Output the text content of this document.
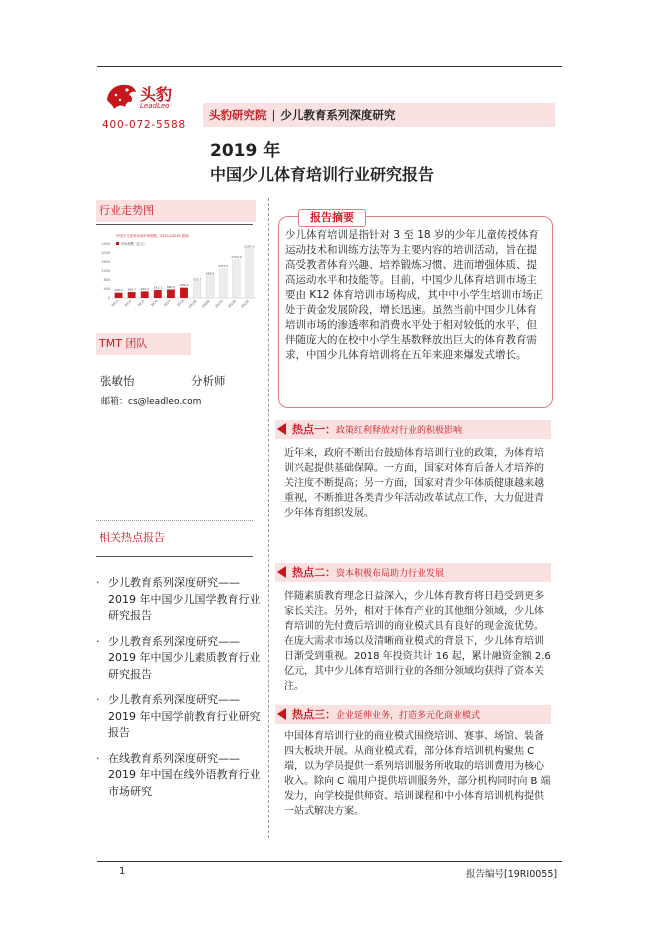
头豹
LeadLeo
400-072-5588
头豹研究院 | 少儿教育系列深度研究
2019 年
中国少儿体育培训行业研究报告
行业走势图
中国少儿体育培训市场规模，2013-2023E 预测
市场规模（亿元）
2400
2000
1600
1200
800
400
0
235.2
2013
264.7
2014
294.2
2015
353.1
2016
380.5
2017
459.4
2018
720.7
2019E
986.6
2020E
1313.1
2021E
1704.2
2022E
2187.5
2023E
TMT 团队
张敏怡	分析师
邮箱：cs@leadleo.com
相关热点报告
· 少儿教育系列深度研究——2019 年中国少儿国学教育行业研究报告
· 少儿教育系列深度研究——2019 年中国少儿素质教育行业研究报告
· 少儿教育系列深度研究——2019 年中国学前教育行业研究报告
· 在线教育系列深度研究——2019 年中国在线外语教育行业市场研究
报告摘要
少儿体育培训是指针对 3 至 18 岁的少年儿童传授体育运动技术和训练方法等为主要内容的培训活动，旨在提高受教者体育兴趣、培养锻炼习惯、进而增强体质、提高运动水平和技能等。目前，中国少儿体育培训市场主要由 K12 体育培训市场构成，其中中小学生培训市场正处于黄金发展阶段，增长迅速。虽然当前中国少儿体育培训市场的渗透率和消费水平处于相对较低的水平，但伴随庞大的在校中小学生基数释放出巨大的体育教育需求，中国少儿体育培训将在五年来迎来爆发式增长。
热点一：政策红利释放对行业的积极影响
近年来，政府不断出台鼓励体育培训行业的政策，为体育培训兴起提供基础保障。一方面，国家对体育后备人才培养的关注度不断提高；另一方面，国家对青少年体质健康越来越重视，不断推进各类青少年活动改革试点工作，大力促进青少年体育组织发展。
热点二：资本积极布局助力行业发展
伴随素质教育理念日益深入，少儿体育教育将日趋受到更多家长关注。另外，相对于体育产业的其他细分领域，少儿体育培训的先付费后培训的商业模式具有良好的现金流优势。在庞大需求市场以及清晰商业模式的背景下，少儿体育培训日渐受到重视。2018 年投资共计 16 起，累计融资金额 2.6 亿元，其中少儿体育培训行业的各细分领域均获得了资本关注。
热点三：企业延伸业务，打造多元化商业模式
中国体育培训行业的商业模式围绕培训、赛事、场馆、装备四大板块开展。从商业模式看，部分体育培训机构聚焦 C 端，以为学员提供一系列培训服务所收取的培训费用为核心收入。除向 C 端用户提供培训服务外，部分机构同时向 B 端发力，向学校提供师资、培训课程和中小体育培训机构提供一站式解决方案。
1	报告编号[19RI0055]
